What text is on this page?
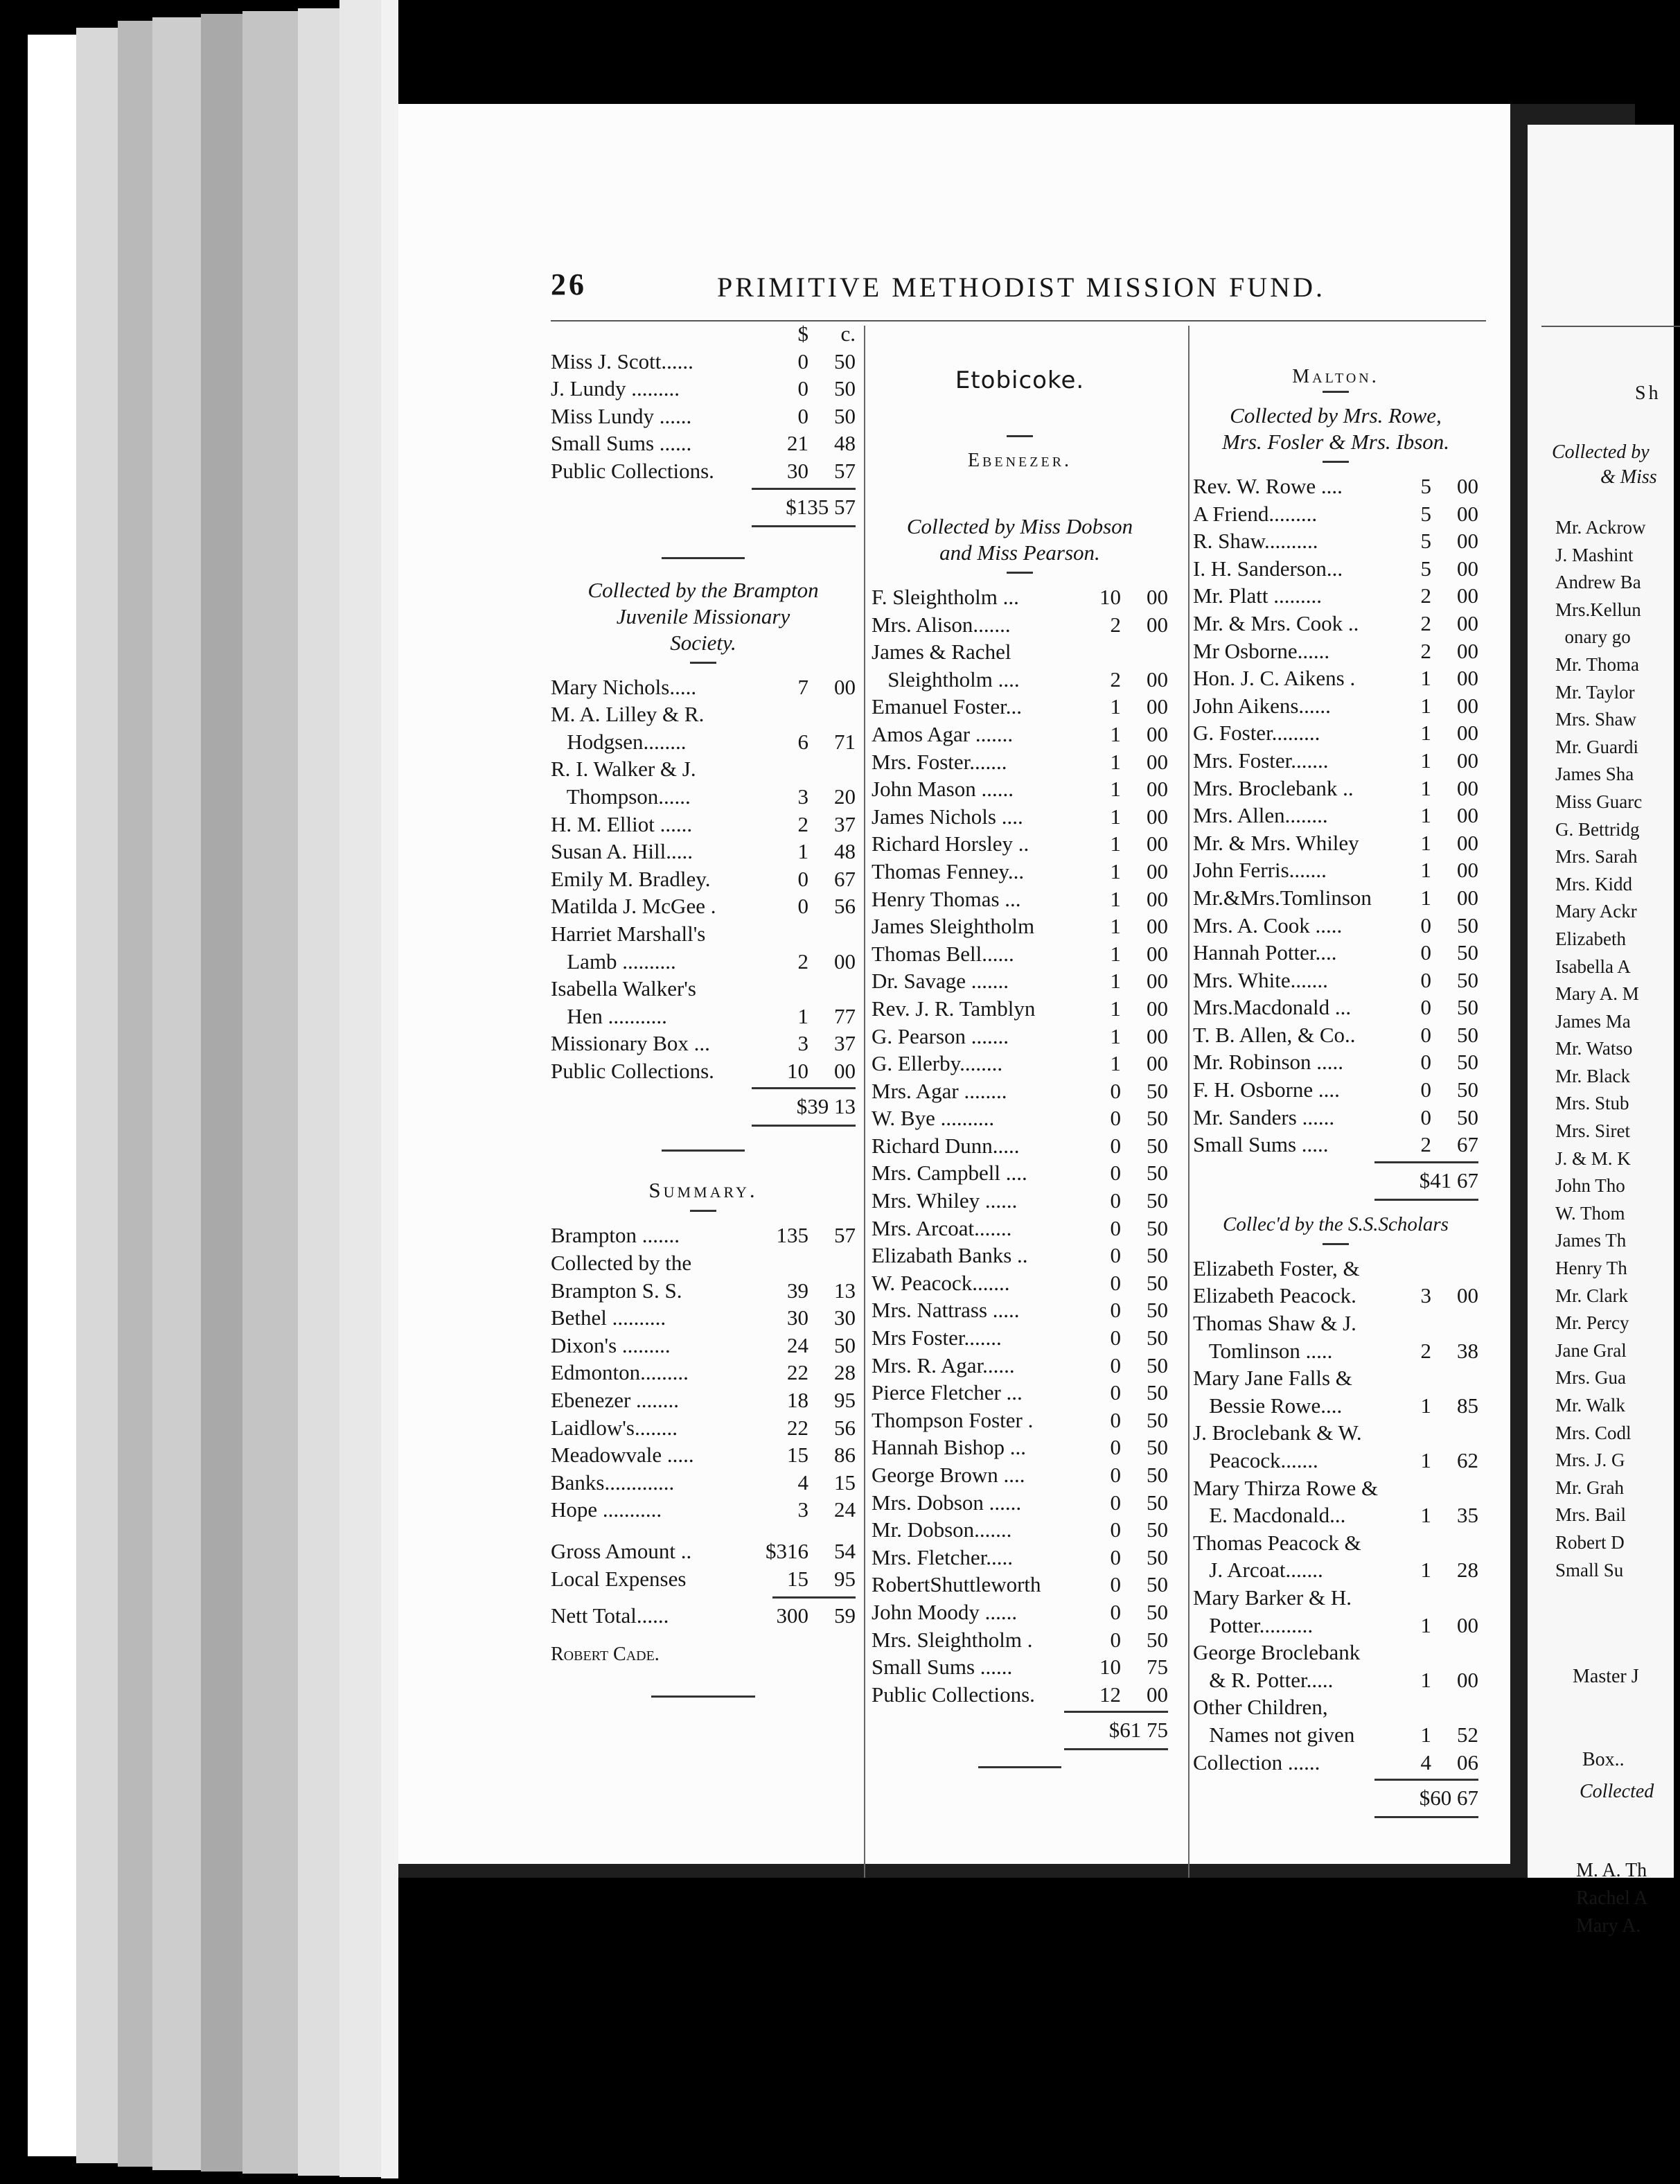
26	PRIMITIVE METHODIST MISSION FUND.
$ c.
Miss J. Scott......	0 50
J. Lundy .........	0 50
Miss Lundy ......	0 50
Small Sums ......	21 48
Public Collections.	30 57
$135 57
Collected by the Brampton
Juvenile Missionary
Society.
Mary Nichols.....	7 00
M. A. Lilley & R.
Hodgsen........	6 71
R. I. Walker & J.
Thompson......	3 20
H. M. Elliot ......	2 37
Susan A. Hill.....	1 48
Emily M. Bradley.	0 67
Matilda J. McGee .	0 56
Harriet Marshall's
Lamb ..........	2 00
Isabella Walker's
Hen ...........	1 77
Missionary Box ...	3 37
Public Collections.	10 00
$39 13
Summary.
Brampton .......	135 57
Collected by the
Brampton S. S.	39 13
Bethel ..........	30 30
Dixon's .........	24 50
Edmonton.........	22 28
Ebenezer ........	18 95
Laidlow's........	22 56
Meadowvale .....	15 86
Banks.............	4 15
Hope ...........	3 24
Gross Amount ..	$316 54
Local Expenses	15 95
Nett Total......	300 59
Robert Cade.
Etobicoke.
Ebenezer.
Collected by Miss Dobson
and Miss Pearson.
F. Sleightholm ...	10 00
Mrs. Alison.......	2 00
James & Rachel
Sleightholm ....	2 00
Emanuel Foster...	1 00
Amos Agar .......	1 00
Mrs. Foster.......	1 00
John Mason ......	1 00
James Nichols ....	1 00
Richard Horsley ..	1 00
Thomas Fenney...	1 00
Henry Thomas ...	1 00
James Sleightholm	1 00
Thomas Bell......	1 00
Dr. Savage .......	1 00
Rev. J. R. Tamblyn	1 00
G. Pearson .......	1 00
G. Ellerby........	1 00
Mrs. Agar ........	0 50
W. Bye ..........	0 50
Richard Dunn.....	0 50
Mrs. Campbell ....	0 50
Mrs. Whiley ......	0 50
Mrs. Arcoat.......	0 50
Elizabath Banks ..	0 50
W. Peacock.......	0 50
Mrs. Nattrass .....	0 50
Mrs Foster.......	0 50
Mrs. R. Agar......	0 50
Pierce Fletcher ...	0 50
Thompson Foster .	0 50
Hannah Bishop ...	0 50
George Brown ....	0 50
Mrs. Dobson ......	0 50
Mr. Dobson.......	0 50
Mrs. Fletcher.....	0 50
RobertShuttleworth	0 50
John Moody ......	0 50
Mrs. Sleightholm .	0 50
Small Sums ......	10 75
Public Collections.	12 00
$61 75
Malton.
Collected by Mrs. Rowe,
Mrs. Fosler & Mrs. Ibson.
Rev. W. Rowe ....	5 00
A Friend.........	5 00
R. Shaw..........	5 00
I. H. Sanderson...	5 00
Mr. Platt .........	2 00
Mr. & Mrs. Cook ..	2 00
Mr Osborne......	2 00
Hon. J. C. Aikens .	1 00
John Aikens......	1 00
G. Foster.........	1 00
Mrs. Foster.......	1 00
Mrs. Broclebank ..	1 00
Mrs. Allen........	1 00
Mr. & Mrs. Whiley	1 00
John Ferris.......	1 00
Mr.&Mrs.Tomlinson 1 00
Mrs. A. Cook .....	0 50
Hannah Potter....	0 50
Mrs. White.......	0 50
Mrs.Macdonald ...	0 50
T. B. Allen, & Co..	0 50
Mr. Robinson .....	0 50
F. H. Osborne ....	0 50
Mr. Sanders ......	0 50
Small Sums .....	2 67
$41 67
Collec'd by the S.S.Scholars
Elizabeth Foster, &
Elizabeth Peacock.	3 00
Thomas Shaw & J.
Tomlinson .....	2 38
Mary Jane Falls &
Bessie Rowe....	1 85
J. Broclebank & W.
Peacock.......	1 62
Mary Thirza Rowe &
E. Macdonald...	1 35
Thomas Peacock &
J. Arcoat.......	1 28
Mary Barker & H.
Potter..........	1 00
George Broclebank
& R. Potter.....	1 00
Other Children,
Names not given	1 52
Collection ......	4 06
$60 67
Sh
Collected by
& Miss
Mr. Ackrow
J. Mashint
Andrew Ba
Mrs.Kellun
onary go
Mr. Thoma
Mr. Taylor
Mrs. Shaw
Mr. Guardi
James Sha
Miss Guarc
G. Bettridg
Mrs. Sarah
Mrs. Kidd
Mary Ackr
Elizabeth
Isabella A
Mary A. M
James Ma
Mr. Watso
Mr. Black
Mrs. Stub
Mrs. Siret
J. & M. K
John Tho
W. Thom
James Th
Henry Th
Mr. Clark
Mr. Percy
Jane Gral
Mrs. Gua
Mr. Walk
Mrs. Codl
Mrs. J. G
Mr. Grah
Mrs. Bail
Robert D
Small Su

Master J

Box..

Collected
M. A. Th
Rachel A
Mary A.
